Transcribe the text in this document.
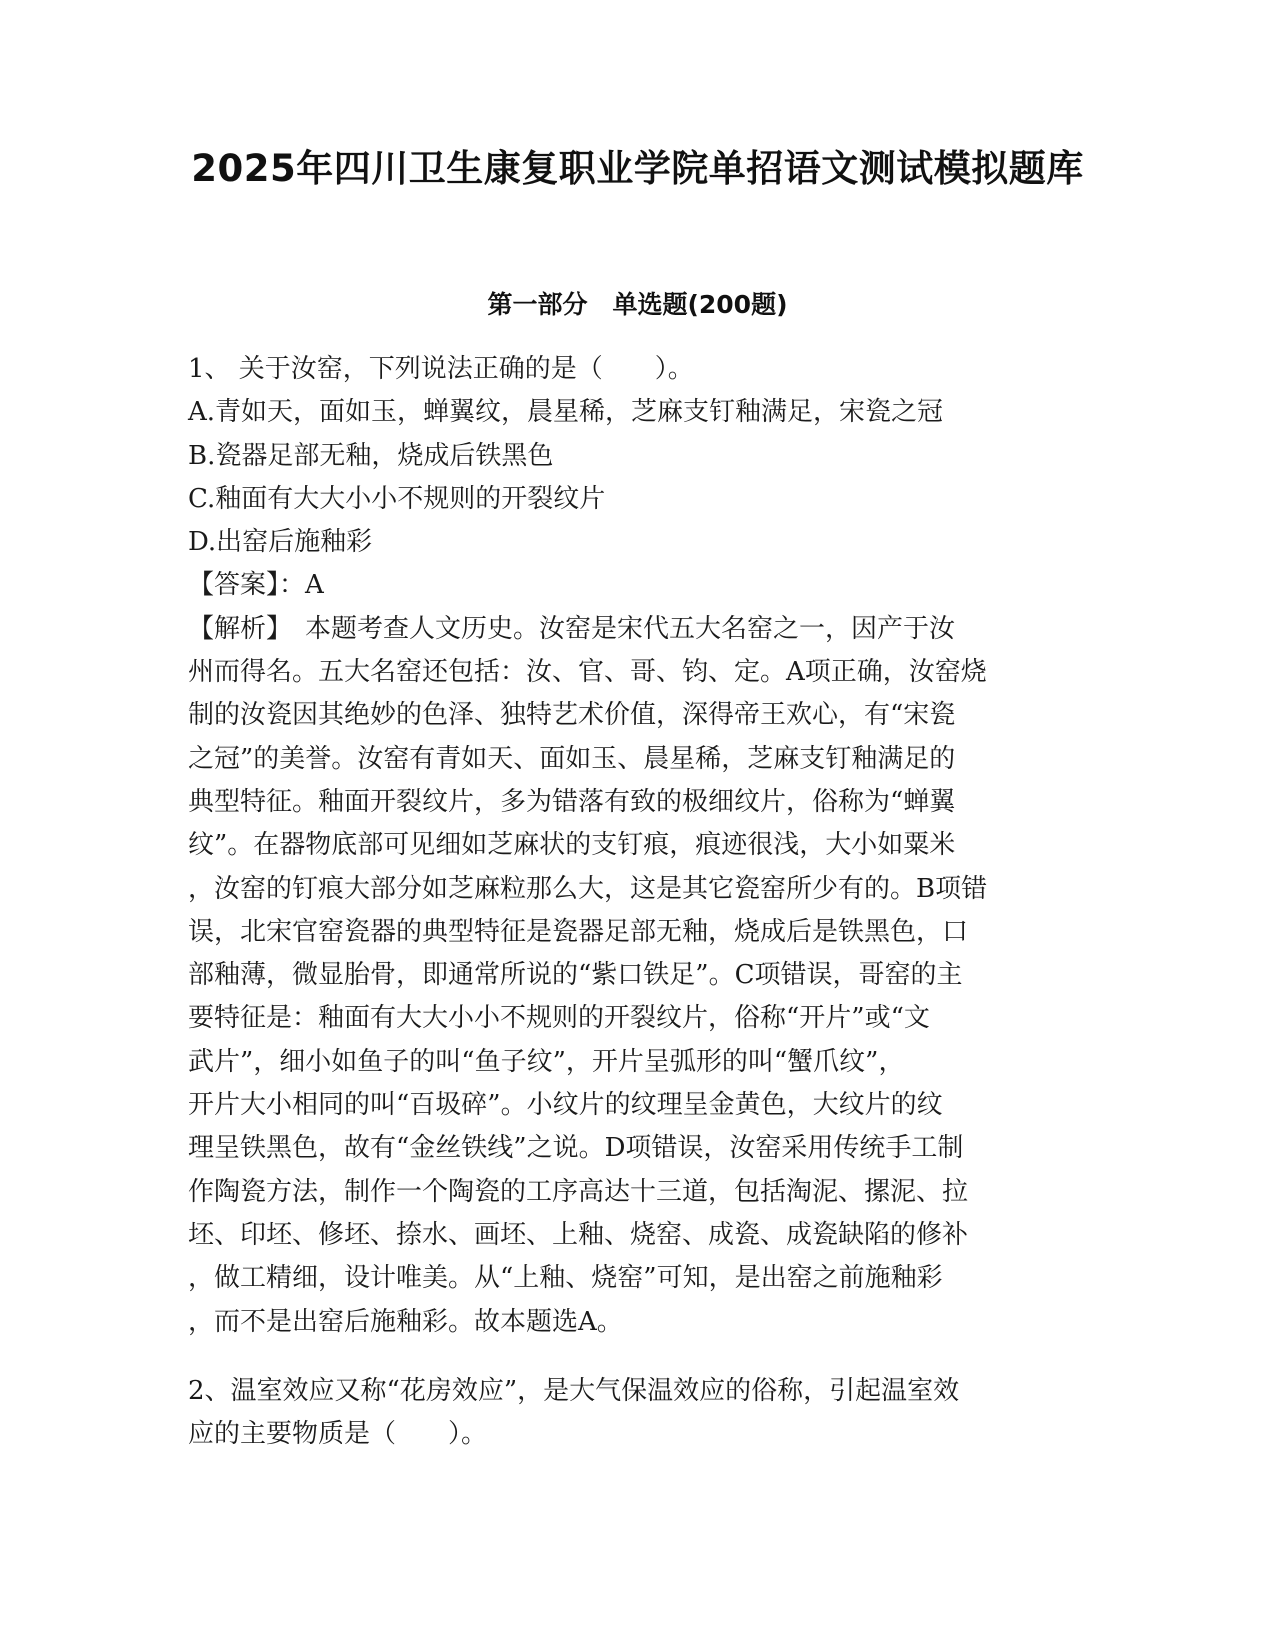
2025年四川卫生康复职业学院单招语文测试模拟题库
第一部分　单选题(200题)
1、 关于汝窑，下列说法正确的是（　　）。
A.青如天，面如玉，蝉翼纹，晨星稀，芝麻支钉釉满足，宋瓷之冠
B.瓷器足部无釉，烧成后铁黑色
C.釉面有大大小小不规则的开裂纹片
D.出窑后施釉彩
【答案】：A
【解析】　本题考查人文历史。汝窑是宋代五大名窑之一，因产于汝
州而得名。五大名窑还包括：汝、官、哥、钧、定。A项正确，汝窑烧
制的汝瓷因其绝妙的色泽、独特艺术价值，深得帝王欢心，有“宋瓷
之冠”的美誉。汝窑有青如天、面如玉、晨星稀，芝麻支钉釉满足的
典型特征。釉面开裂纹片，多为错落有致的极细纹片，俗称为“蝉翼
纹”。在器物底部可见细如芝麻状的支钉痕，痕迹很浅，大小如粟米
，汝窑的钉痕大部分如芝麻粒那么大，这是其它瓷窑所少有的。B项错
误，北宋官窑瓷器的典型特征是瓷器足部无釉，烧成后是铁黑色，口
部釉薄，微显胎骨，即通常所说的“紫口铁足”。C项错误，哥窑的主
要特征是：釉面有大大小小不规则的开裂纹片，俗称“开片”或“文
武片”，细小如鱼子的叫“鱼子纹”，开片呈弧形的叫“蟹爪纹”，
开片大小相同的叫“百圾碎”。小纹片的纹理呈金黄色，大纹片的纹
理呈铁黑色，故有“金丝铁线”之说。D项错误，汝窑采用传统手工制
作陶瓷方法，制作一个陶瓷的工序高达十三道，包括淘泥、摞泥、拉
坯、印坯、修坯、捺水、画坯、上釉、烧窑、成瓷、成瓷缺陷的修补
，做工精细，设计唯美。从“上釉、烧窑”可知，是出窑之前施釉彩
，而不是出窑后施釉彩。故本题选A。
2、温室效应又称“花房效应”，是大气保温效应的俗称，引起温室效
应的主要物质是（　　）。
